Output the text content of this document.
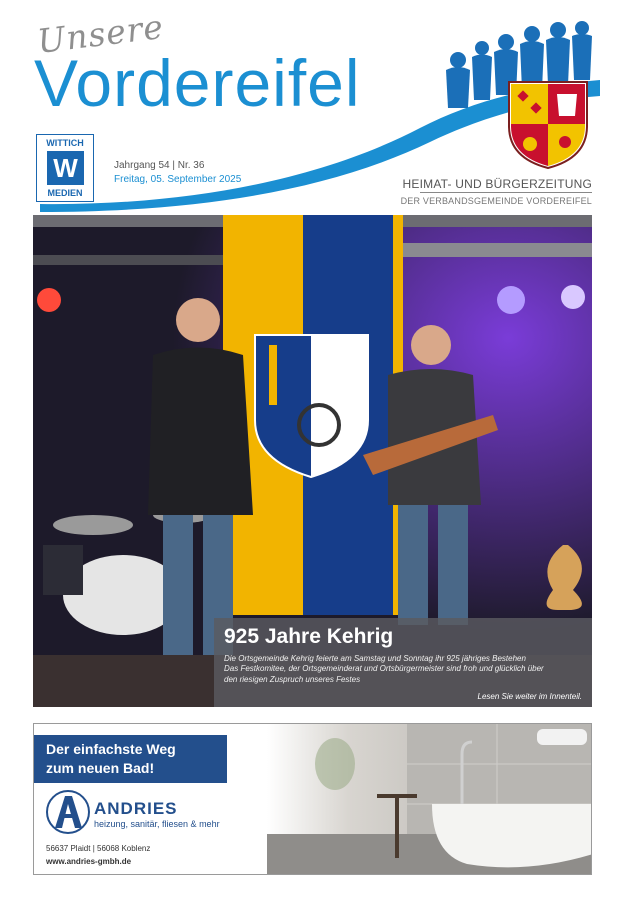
Unsere
Vordereifel
WITTICH
W
MEDIEN
Jahrgang 54 | Nr. 36
Freitag, 05. September 2025	HEIMAT- UND BÜRGERZEITUNG
DER VERBANDSGEMEINDE VORDEREIFEL
925 Jahre Kehrig
Die Ortsgemeinde Kehrig feierte am Samstag und Sonntag ihr 925 jähriges Bestehen
Das Festkomitee, der Ortsgemeinderat und Ortsbürgermeister sind froh und glücklich über
den riesigen Zuspruch unseres Festes
Lesen Sie weiter im Innenteil.
Der einfachste Weg
zum neuen Bad!
ANDRIES
heizung, sanitär, fliesen & mehr
56637 Plaidt | 56068 Koblenz
www.andries-gmbh.de
